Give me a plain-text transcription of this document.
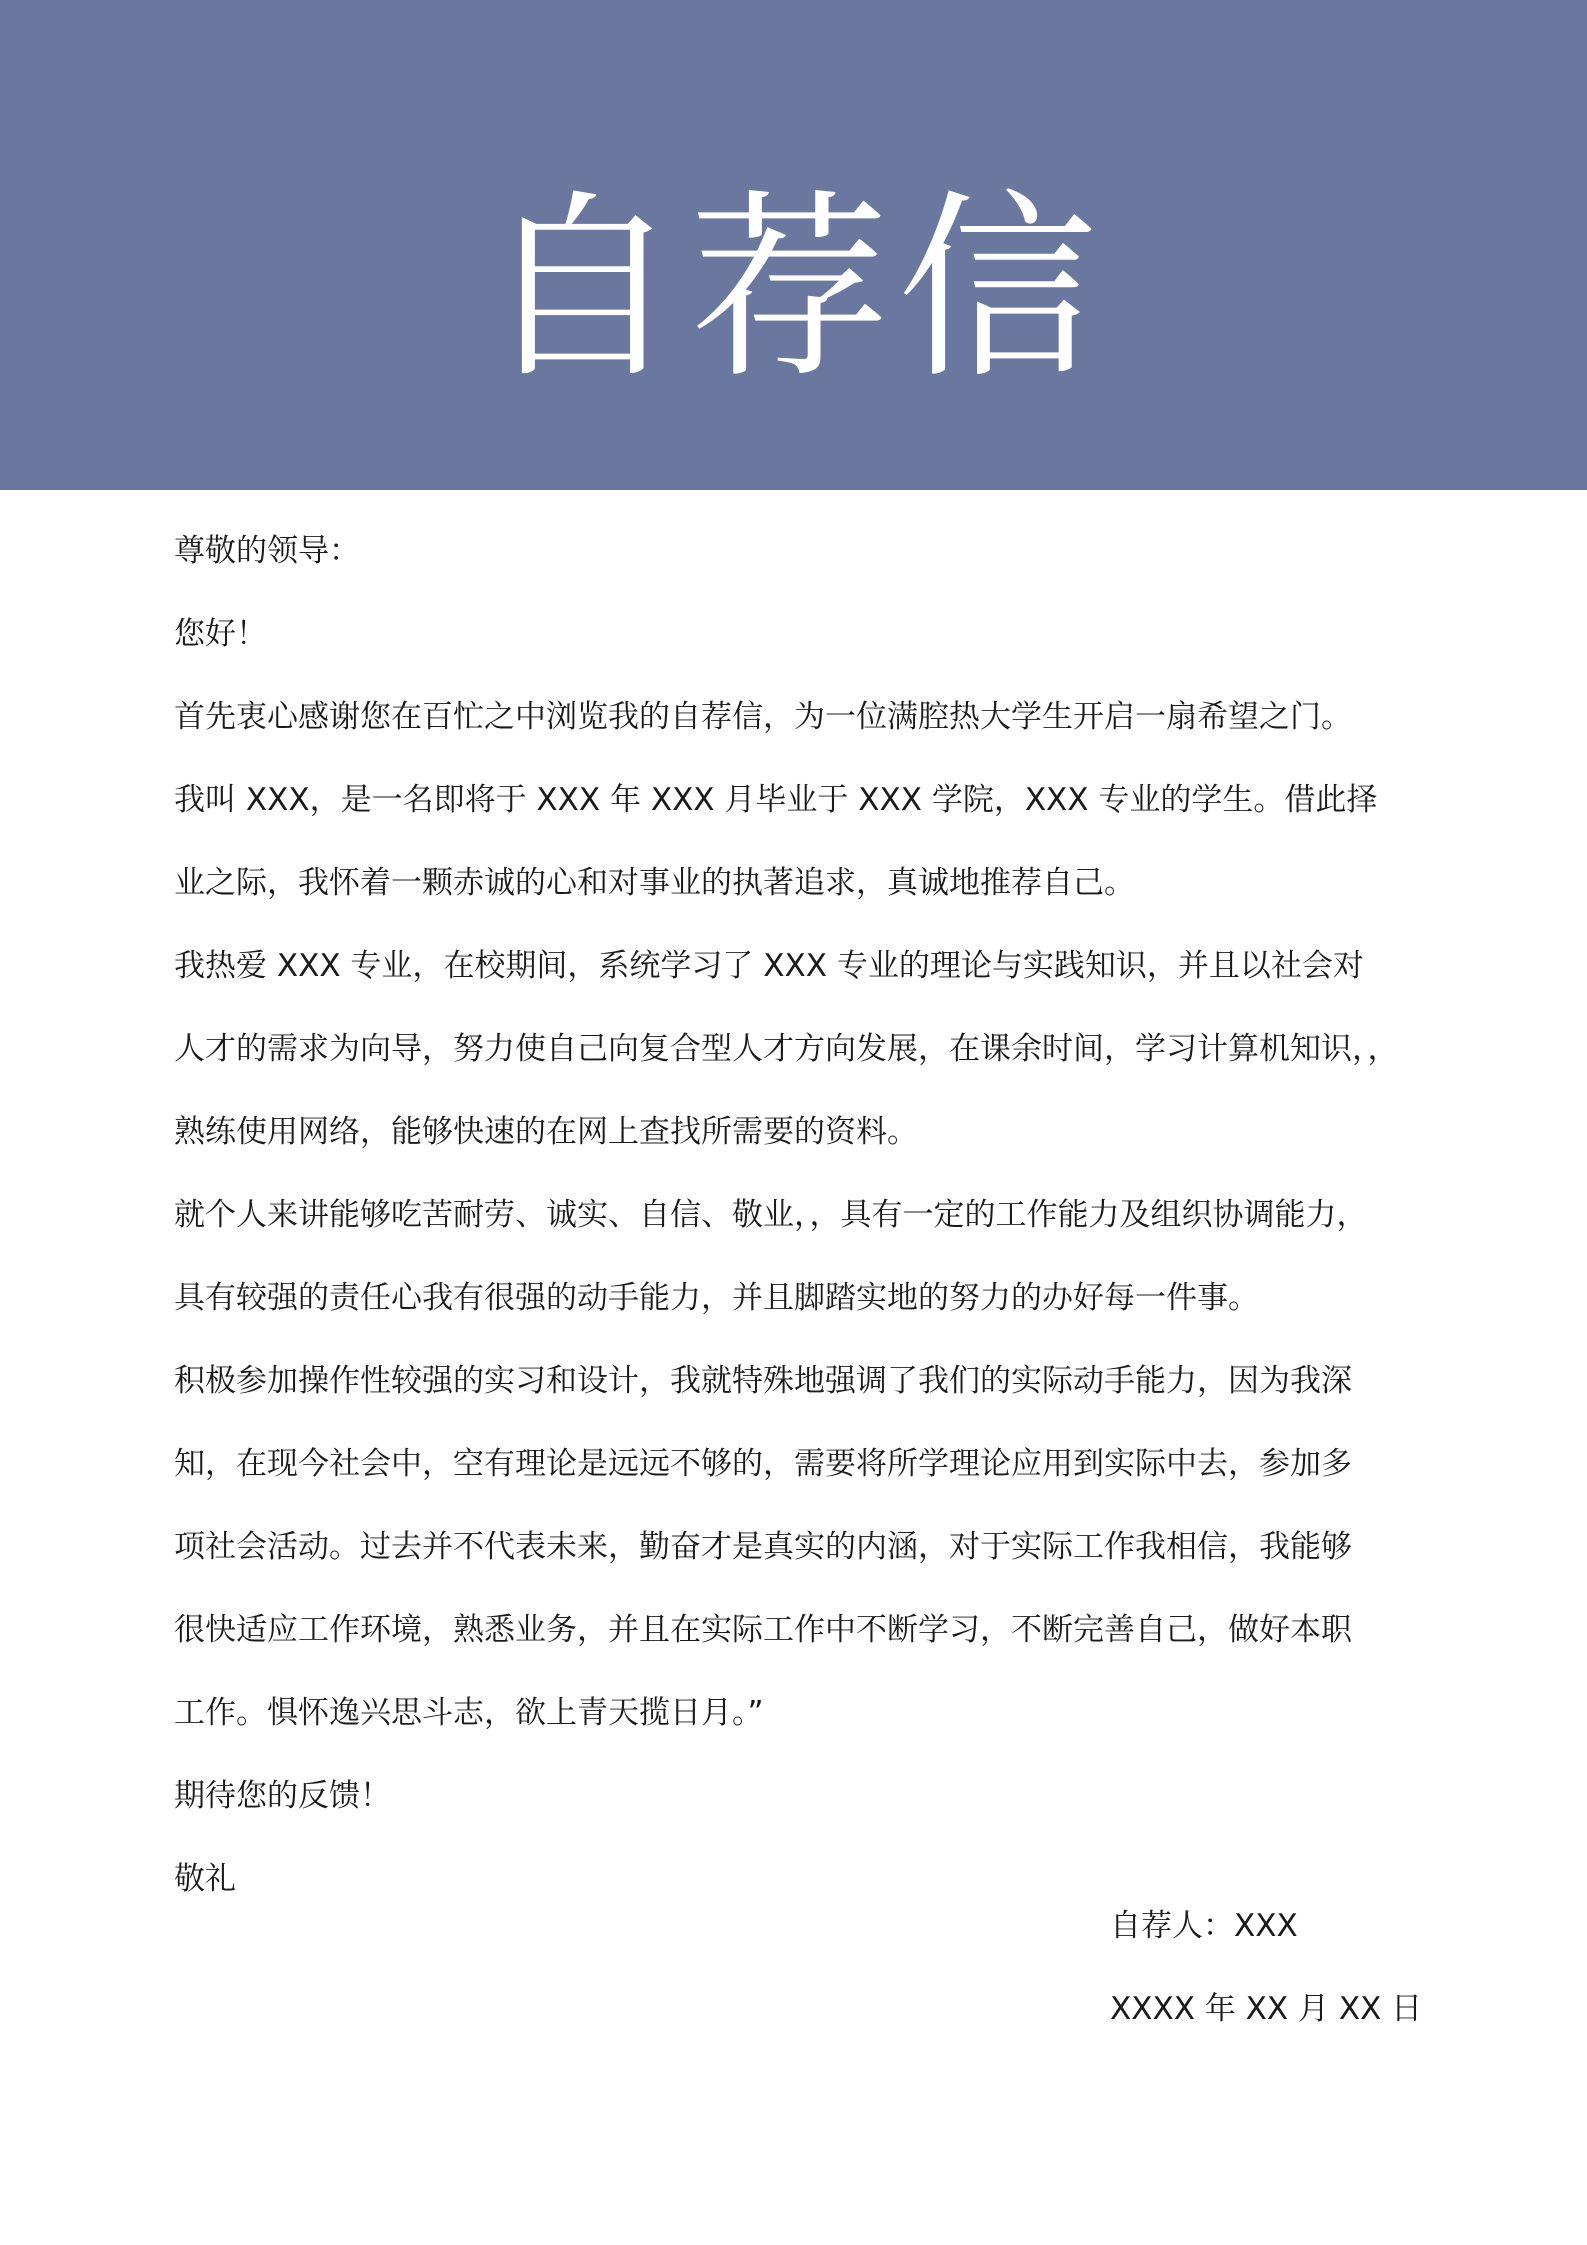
自荐信
尊敬的领导：
您好！
首先衷心感谢您在百忙之中浏览我的自荐信，为一位满腔热大学生开启一扇希望之门。
我叫 XXX，是一名即将于 XXX 年 XXX 月毕业于 XXX 学院，XXX 专业的学生。借此择
业之际，我怀着一颗赤诚的心和对事业的执著追求，真诚地推荐自己。
我热爱 XXX 专业，在校期间，系统学习了 XXX 专业的理论与实践知识，并且以社会对
人才的需求为向导，努力使自己向复合型人才方向发展，在课余时间，学习计算机知识，，
熟练使用网络，能够快速的在网上查找所需要的资料。
就个人来讲能够吃苦耐劳、诚实、自信、敬业，，具有一定的工作能力及组织协调能力，
具有较强的责任心我有很强的动手能力，并且脚踏实地的努力的办好每一件事。
积极参加操作性较强的实习和设计，我就特殊地强调了我们的实际动手能力，因为我深
知，在现今社会中，空有理论是远远不够的，需要将所学理论应用到实际中去，参加多
项社会活动。过去并不代表未来，勤奋才是真实的内涵，对于实际工作我相信，我能够
很快适应工作环境，熟悉业务，并且在实际工作中不断学习，不断完善自己，做好本职
工作。惧怀逸兴思斗志，欲上青天揽日月。”
期待您的反馈！
敬礼
自荐人：XXX
XXXX 年 XX 月 XX 日
